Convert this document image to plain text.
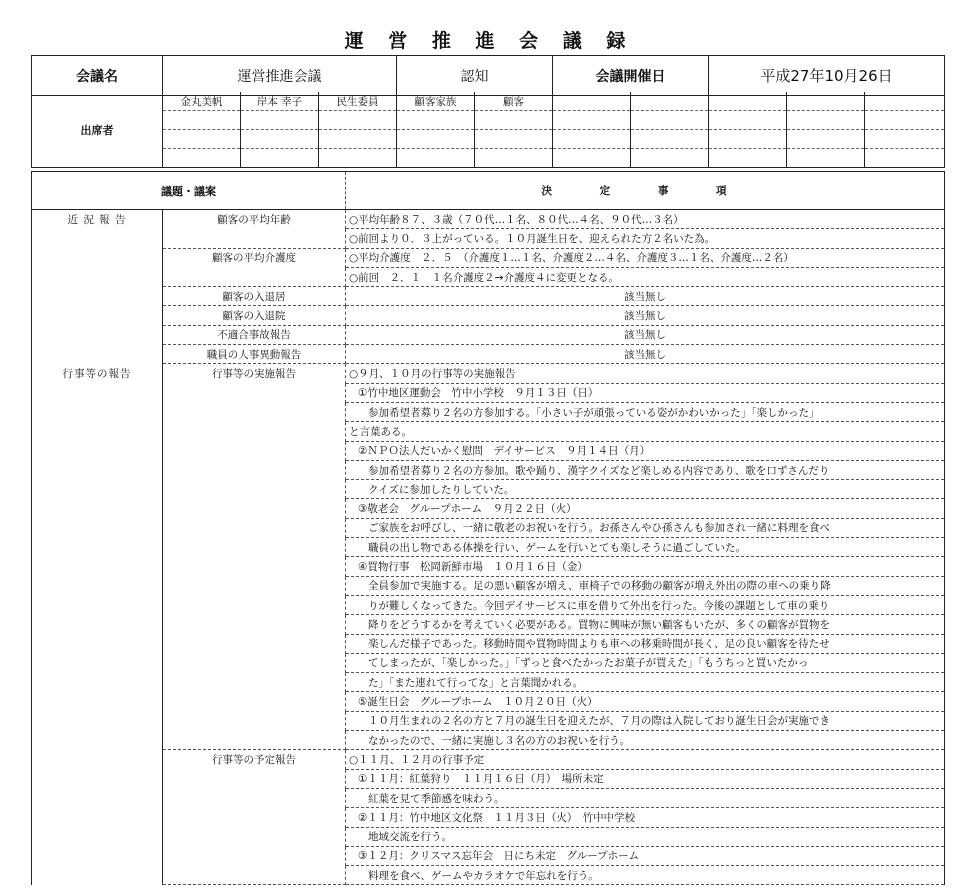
運 営 推 進 会 議 録
会議名	運営推進会議	認知	会議開催日	平成27年10月26日
出席者	金丸美帆	岸本 幸子	民生委員	顧客家族	顧客					

議題・議案		決 定 事 項
近 況 報 告	顧客の平均年齢	○平均年齢８７、３歳（７０代…１名、８０代…４名、９０代…３名）
		○前回より０．３上がっている。１０月誕生日を、迎えられた方２名いた為。
	顧客の平均介護度	○平均介護度　２．５　（介護度１…１名、介護度２…４名、介護度３…１名、介護度…２名）
		○前回　２．１　１名介護度２→介護度４に変更となる。
	顧客の入退居	該当無し
	顧客の入退院	該当無し
	不適合事故報告	該当無し
	職員の人事異動報告	該当無し
行事等の報告	行事等の実施報告	○９月、１０月の行事等の実施報告
		①竹中地区運動会　竹中小学校　９月１３日（日）
		参加希望者募り２名の方参加する。「小さい子が頑張っている姿がかわいかった」「楽しかった」
		と言葉ある。
		②ＮＰＯ法人だいかく慰問　デイサービス　９月１４日（月）
		参加希望者募り２名の方参加。歌や踊り、漢字クイズなど楽しめる内容であり、歌を口ずさんだり
		クイズに参加したりしていた。
		③敬老会　グループホーム　９月２２日（火）
		ご家族をお呼びし、一緒に敬老のお祝いを行う。お孫さんやひ孫さんも参加され一緒に料理を食べ
		職員の出し物である体操を行い、ゲームを行いとても楽しそうに過ごしていた。
		④買物行事　松岡新鮮市場　１０月１６日（金）
		全員参加で実施する。足の悪い顧客が増え、車椅子での移動の顧客が増え外出の際の車への乗り降
		りが難しくなってきた。今回デイサービスに車を借りて外出を行った。今後の課題として車の乗り
		降りをどうするかを考えていく必要がある。買物に興味が無い顧客もいたが、多くの顧客が買物を
		楽しんだ様子であった。移動時間や買物時間よりも車への移乗時間が長く、足の良い顧客を待たせ
		てしまったが、「楽しかった。」「ずっと食べたかったお菓子が買えた」「もうちっと買いたかっ
		た」「また連れて行ってな」と言葉聞かれる。
		⑤誕生日会　グループホーム　１０月２０日（火）
		１０月生まれの２名の方と７月の誕生日を迎えたが、７月の際は入院しており誕生日会が実施でき
		なかったので、一緒に実施し３名の方のお祝いを行う。
	行事等の予定報告	○１１月、１２月の行事予定
		①１１月：紅葉狩り　１１月１６日（月）　場所未定
		紅葉を見て季節感を味わう。
		②１１月：竹中地区文化祭　１１月３日（火）　竹中中学校
		地域交流を行う。
		③１２月：クリスマス忘年会　日にち未定　グループホーム
		料理を食べ、ゲームやカラオケで年忘れを行う。
